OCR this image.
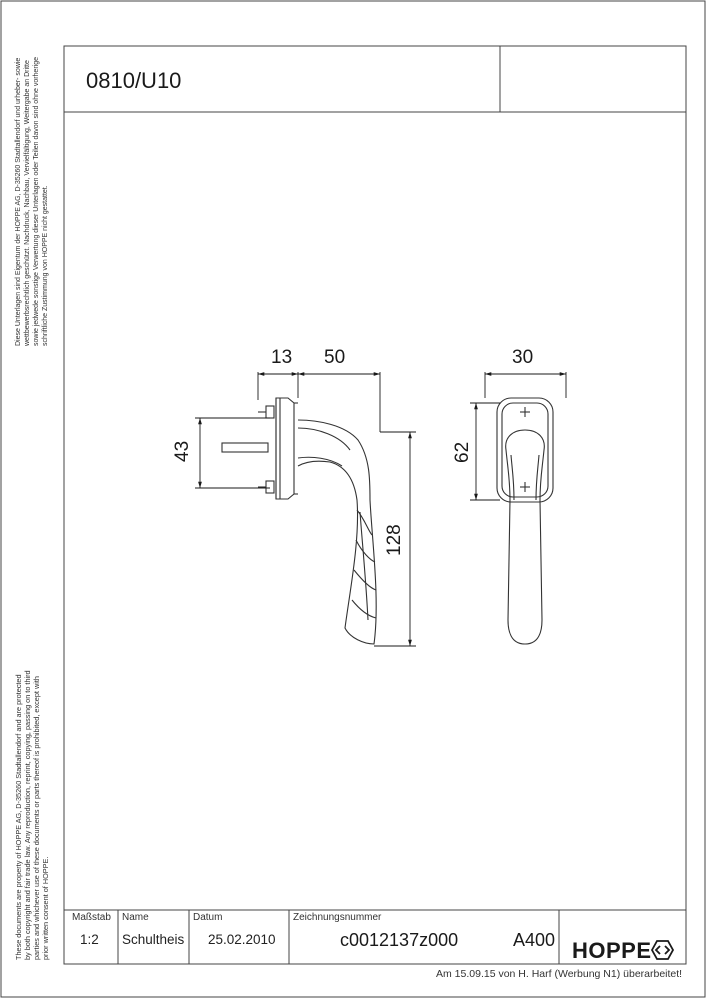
0810/U10
Diese Unterlagen sind Eigentum der HOPPE AG, D-35260 Stadtallendorf und urheber- sowie wettbewerbsrechtlich geschützt. Nachdruck, Nachbau, Vervielfältigung, Weitergabe an Dritte sowie jedwede sonstige Verwertung dieser Unterlagen oder Teilen davon sind ohne vorherige schriftliche Zustimmung von HOPPE nicht gestattet.
These documents are property of HOPPE AG, D-35260 Stadtallendorf and are protected by both copyright and fair trade law. Any reproduction, reprint, copying, passing on to third parties and whichever use of these documents or parts thereof is prohibited, except with prior written consent of HOPPE.
13 50	30
43	62
128
Maßstab
1:2
Name
Schultheis
Datum
25.02.2010
Zeichnungsnummer
c0012137z000	A400 HOPPE
Am 15.09.15 von H. Harf (Werbung N1) überarbeitet!
